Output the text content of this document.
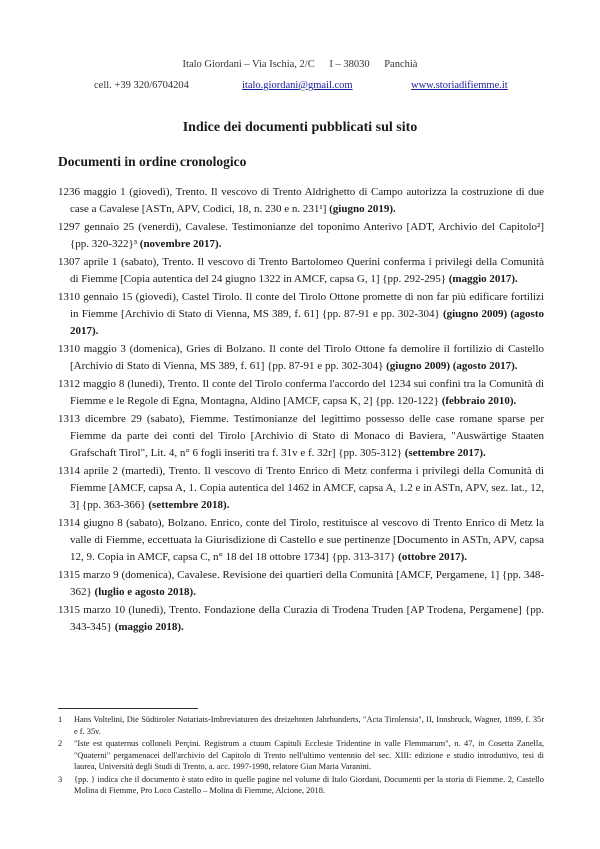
Italo Giordani – Via Ischia, 2/C I – 38030 Panchià
cell. +39 320/6704204	italo.giordani@gmail.com	www.storiadifiemme.it
Indice dei documenti pubblicati sul sito
Documenti in ordine cronologico

1236 maggio 1 (giovedì), Trento. Il vescovo di Trento Aldrighetto di Campo autorizza la costruzione di due case a Cavalese [ASTn, APV, Codici, 18, n. 230 e n. 231¹] (giugno 2019).

1297 gennaio 25 (venerdì), Cavalese. Testimonianze del toponimo Anterivo [ADT, Archivio del Capitolo²] {pp. 320-322}³ (novembre 2017).

1307 aprile 1 (sabato), Trento. Il vescovo di Trento Bartolomeo Querini conferma i privilegi della Comunità di Fiemme [Copia autentica del 24 giugno 1322 in AMCF, capsa G, 1] {pp. 292-295} (maggio 2017).

1310 gennaio 15 (giovedì), Castel Tirolo. Il conte del Tirolo Ottone promette di non far più edificare fortilizi in Fiemme [Archivio di Stato di Vienna, MS 389, f. 61] {pp. 87-91 e pp. 302-304} (giugno 2009) (agosto 2017).

1310 maggio 3 (domenica), Gries di Bolzano. Il conte del Tirolo Ottone fa demolire il fortilizio di Castello [Archivio di Stato di Vienna, MS 389, f. 61] {pp. 87-91 e pp. 302-304} (giugno 2009) (agosto 2017).

1312 maggio 8 (lunedì), Trento. Il conte del Tirolo conferma l'accordo del 1234 sui confini tra la Comunità di Fiemme e le Regole di Egna, Montagna, Aldino [AMCF, capsa K, 2] {pp. 120-122} (febbraio 2010).

1313 dicembre 29 (sabato), Fiemme. Testimonianze del legittimo possesso delle case romane sparse per Fiemme da parte dei conti del Tirolo [Archivio di Stato di Monaco di Baviera, "Auswärtige Staaten Grafschaft Tirol", Lit. 4, n° 6 fogli inseriti tra f. 31v e f. 32r] {pp. 305-312} (settembre 2017).

1314 aprile 2 (martedì), Trento. Il vescovo di Trento Enrico di Metz conferma i privilegi della Comunità di Fiemme [AMCF, capsa A, 1. Copia autentica del 1462 in AMCF, capsa A, 1.2 e in ASTn, APV, sez. lat., 12, 3] {pp. 363-366} (settembre 2018).

1314 giugno 8 (sabato), Bolzano. Enrico, conte del Tirolo, restituisce al vescovo di Trento Enrico di Metz la valle di Fiemme, eccettuata la Giurisdizione di Castello e sue pertinenze [Documento in ASTn, APV, capsa 12, 9. Copia in AMCF, capsa C, n° 18 del 18 ottobre 1734] {pp. 313-317} (ottobre 2017).

1315 marzo 9 (domenica), Cavalese. Revisione dei quartieri della Comunità [AMCF, Pergamene, 1] {pp. 348-362} (luglio e agosto 2018).

1315 marzo 10 (lunedì), Trento. Fondazione della Curazia di Trodena Truden [AP Trodena, Pergamene] {pp. 343-345} (maggio 2018).

1	Hans Voltelini, Die Südtiroler Notariats-Imbreviaturen des dreizehnten Jahrhunderts, "Acta Tirolensia", II, Innsbruck, Wagner, 1899, f. 35r e f. 35v.
2	"Iste est quaternus colloneli Perçini. Registrum a ctuum Capituli Ecclesie Tridentine in valle Flemmarum", n. 47, in Cosetta Zanella, "Quaterni" pergamenacei dell'archivio del Capitolo di Trento nell'ultimo ventennio del sec. XIII: edizione e studio introduttivo, tesi di laurea, Università degli Studi di Trento, a. acc. 1997-1998, relatore Gian Maria Varanini.
3	{pp. } indica che il documento è stato edito in quelle pagine nel volume di Italo Giordani, Documenti per la storia di Fiemme. 2, Castello Molina di Fiemme, Pro Loco Castello – Molina di Fiemme, Alcione, 2018.
